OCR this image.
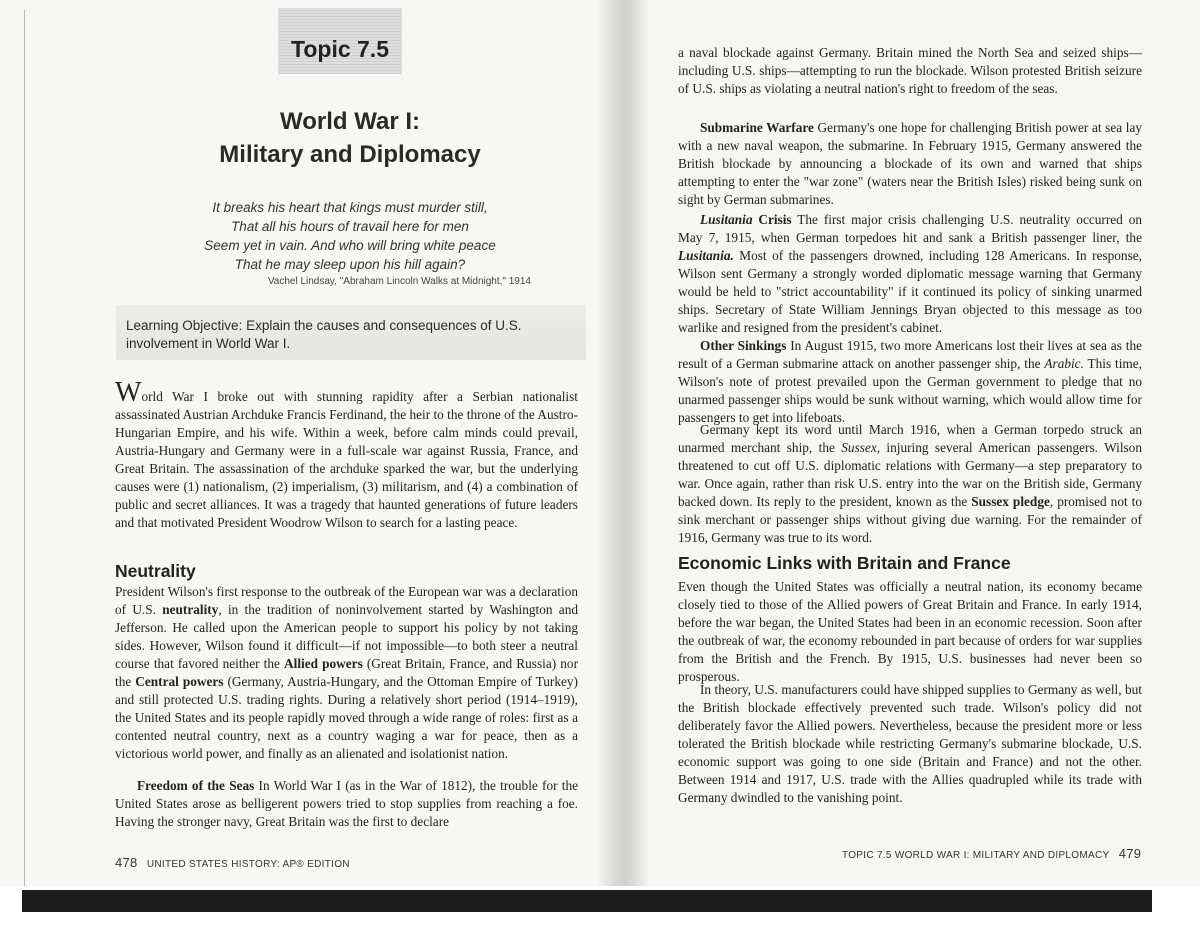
Topic 7.5
World War I:
Military and Diplomacy
It breaks his heart that kings must murder still,
That all his hours of travail here for men
Seem yet in vain. And who will bring white peace
That he may sleep upon his hill again?
Vachel Lindsay, "Abraham Lincoln Walks at Midnight," 1914

Learning Objective: Explain the causes and consequences of U.S. involvement in World War I.

World War I broke out with stunning rapidity after a Serbian nationalist assassinated Austrian Archduke Francis Ferdinand, the heir to the throne of the Austro-Hungarian Empire, and his wife. Within a week, before calm minds could prevail, Austria-Hungary and Germany were in a full-scale war against Russia, France, and Great Britain. The assassination of the archduke sparked the war, but the underlying causes were (1) nationalism, (2) imperialism, (3) militarism, and (4) a combination of public and secret alliances. It was a tragedy that haunted generations of future leaders and that motivated President Woodrow Wilson to search for a lasting peace.

Neutrality

President Wilson's first response to the outbreak of the European war was a declaration of U.S. neutrality, in the tradition of noninvolvement started by Washington and Jefferson. He called upon the American people to support his policy by not taking sides. However, Wilson found it difficult—if not impossible—to both steer a neutral course that favored neither the Allied powers (Great Britain, France, and Russia) nor the Central powers (Germany, Austria-Hungary, and the Ottoman Empire of Turkey) and still protected U.S. trading rights. During a relatively short period (1914–1919), the United States and its people rapidly moved through a wide range of roles: first as a contented neutral country, next as a country waging a war for peace, then as a victorious world power, and finally as an alienated and isolationist nation.

Freedom of the Seas In World War I (as in the War of 1812), the trouble for the United States arose as belligerent powers tried to stop supplies from reaching a foe. Having the stronger navy, Great Britain was the first to declare

478 UNITED STATES HISTORY: AP® EDITION

a naval blockade against Germany. Britain mined the North Sea and seized ships—including U.S. ships—attempting to run the blockade. Wilson protested British seizure of U.S. ships as violating a neutral nation's right to freedom of the seas.

Submarine Warfare Germany's one hope for challenging British power at sea lay with a new naval weapon, the submarine. In February 1915, Germany answered the British blockade by announcing a blockade of its own and warned that ships attempting to enter the "war zone" (waters near the British Isles) risked being sunk on sight by German submarines.

Lusitania Crisis The first major crisis challenging U.S. neutrality occurred on May 7, 1915, when German torpedoes hit and sank a British passenger liner, the Lusitania. Most of the passengers drowned, including 128 Americans. In response, Wilson sent Germany a strongly worded diplomatic message warning that Germany would be held to "strict accountability" if it continued its policy of sinking unarmed ships. Secretary of State William Jennings Bryan objected to this message as too warlike and resigned from the president's cabinet.

Other Sinkings In August 1915, two more Americans lost their lives at sea as the result of a German submarine attack on another passenger ship, the Arabic. This time, Wilson's note of protest prevailed upon the German government to pledge that no unarmed passenger ships would be sunk without warning, which would allow time for passengers to get into lifeboats.

Germany kept its word until March 1916, when a German torpedo struck an unarmed merchant ship, the Sussex, injuring several American passengers. Wilson threatened to cut off U.S. diplomatic relations with Germany—a step preparatory to war. Once again, rather than risk U.S. entry into the war on the British side, Germany backed down. Its reply to the president, known as the Sussex pledge, promised not to sink merchant or passenger ships without giving due warning. For the remainder of 1916, Germany was true to its word.

Economic Links with Britain and France

Even though the United States was officially a neutral nation, its economy became closely tied to those of the Allied powers of Great Britain and France. In early 1914, before the war began, the United States had been in an economic recession. Soon after the outbreak of war, the economy rebounded in part because of orders for war supplies from the British and the French. By 1915, U.S. businesses had never been so prosperous.

In theory, U.S. manufacturers could have shipped supplies to Germany as well, but the British blockade effectively prevented such trade. Wilson's policy did not deliberately favor the Allied powers. Nevertheless, because the president more or less tolerated the British blockade while restricting Germany's submarine blockade, U.S. economic support was going to one side (Britain and France) and not the other. Between 1914 and 1917, U.S. trade with the Allies quadrupled while its trade with Germany dwindled to the vanishing point.

TOPIC 7.5 WORLD WAR I: MILITARY AND DIPLOMACY 479
